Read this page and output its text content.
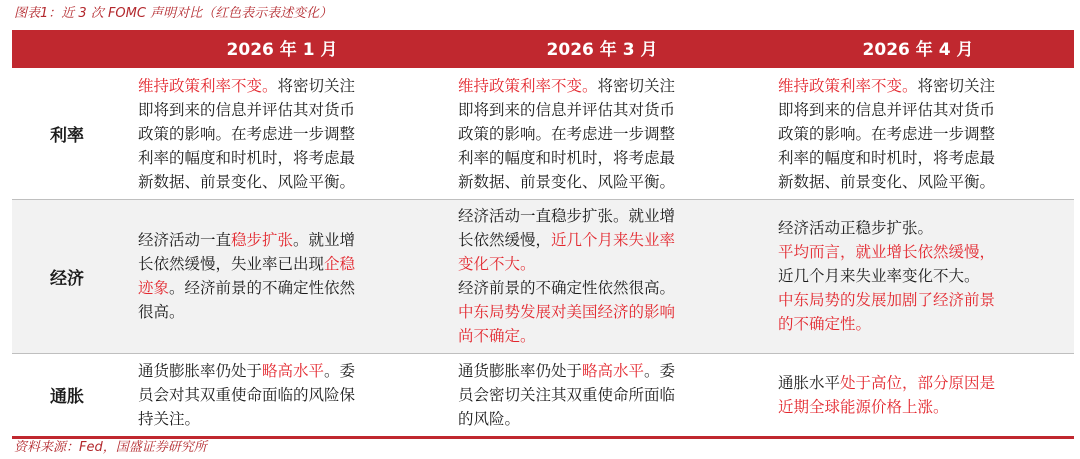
图表1：近 3 次 FOMC 声明对比（红色表示表述变化）
2026 年 1 月	2026 年 3 月	2026 年 4 月
利率
维持政策利率不变。将密切关注
即将到来的信息并评估其对货币
政策的影响。在考虑进一步调整
利率的幅度和时机时，将考虑最
新数据、前景变化、风险平衡。
维持政策利率不变。将密切关注
即将到来的信息并评估其对货币
政策的影响。在考虑进一步调整
利率的幅度和时机时，将考虑最
新数据、前景变化、风险平衡。
维持政策利率不变。将密切关注
即将到来的信息并评估其对货币
政策的影响。在考虑进一步调整
利率的幅度和时机时，将考虑最
新数据、前景变化、风险平衡。
经济
经济活动一直稳步扩张。就业增
长依然缓慢，失业率已出现企稳
迹象。经济前景的不确定性依然
很高。
经济活动一直稳步扩张。就业增
长依然缓慢，近几个月来失业率
变化不大。
经济前景的不确定性依然很高。
中东局势发展对美国经济的影响
尚不确定。
经济活动正稳步扩张。
平均而言，就业增长依然缓慢，
近几个月来失业率变化不大。
中东局势的发展加剧了经济前景
的不确定性。
通胀
通货膨胀率仍处于略高水平。委
员会对其双重使命面临的风险保
持关注。
通货膨胀率仍处于略高水平。委
员会密切关注其双重使命所面临
的风险。
通胀水平处于高位，部分原因是
近期全球能源价格上涨。
资料来源：Fed，国盛证券研究所
